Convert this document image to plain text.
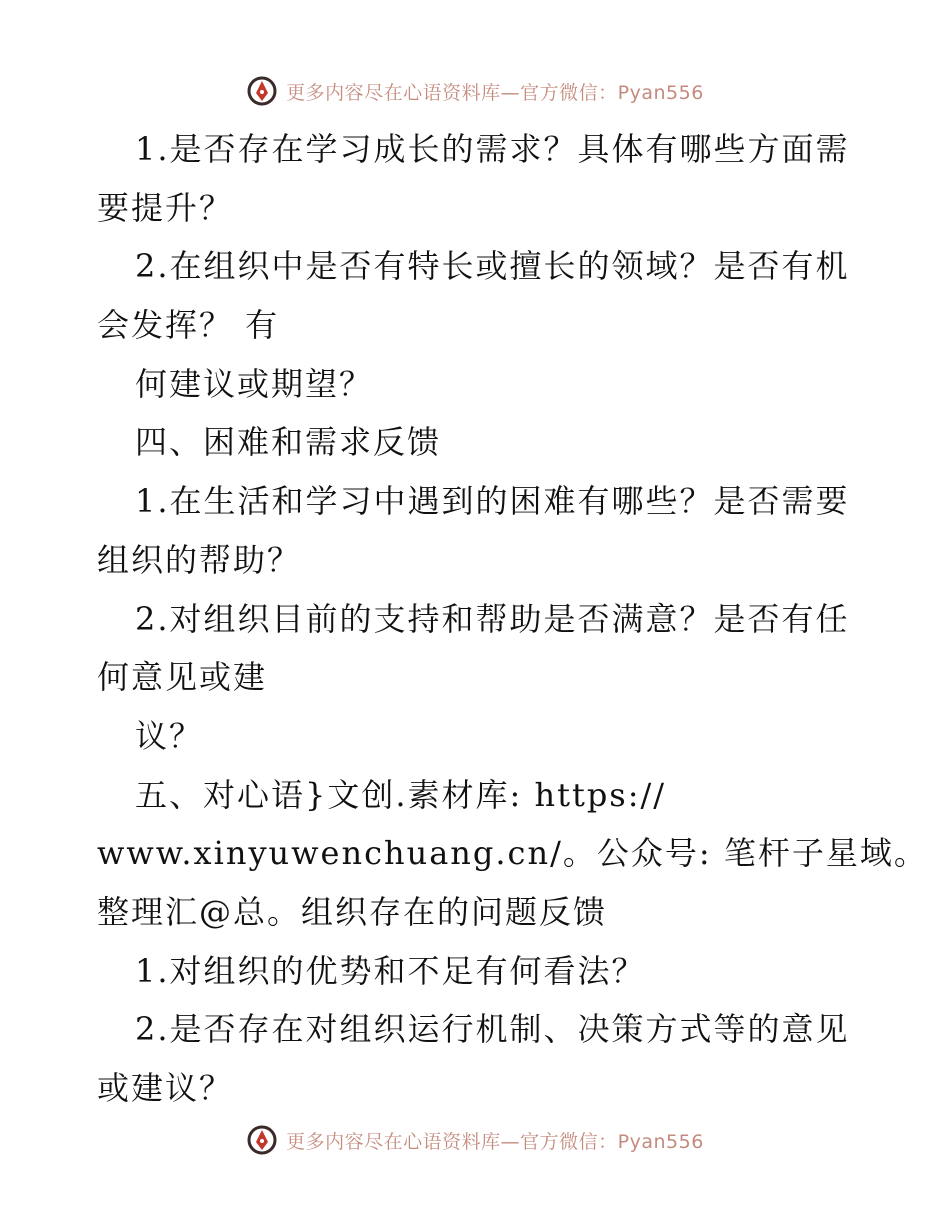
更多内容尽在心语资料库—官方微信：Pyan556
1.是否存在学习成长的需求？具体有哪些方面需
要提升？
2.在组织中是否有特长或擅长的领域？是否有机
会发挥？ 有
何建议或期望？
四、困难和需求反馈
1.在生活和学习中遇到的困难有哪些？是否需要
组织的帮助？
2.对组织目前的支持和帮助是否满意？是否有任
何意见或建
议？
五、对心语}文创.素材库: https://
www.xinyuwenchuang.cn/。公众号: 笔杆子星域。
整理汇@总。组织存在的问题反馈
1.对组织的优势和不足有何看法？
2.是否存在对组织运行机制、决策方式等的意见
或建议？
更多内容尽在心语资料库—官方微信：Pyan556
